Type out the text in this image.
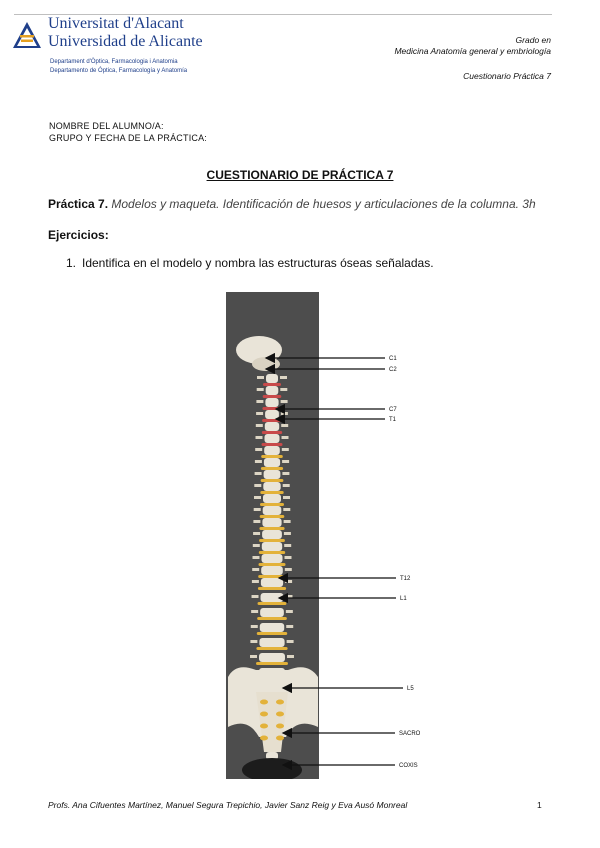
Universitat d'Alacant
Universidad de Alicante
Departament d'Òptica, Farmacologia i Anatomia
Departamento de Óptica, Farmacología y Anatomía
Grado en
Medicina Anatomía general y embriología
Cuestionario Práctica 7
NOMBRE DEL ALUMNO/A:
GRUPO Y FECHA DE LA PRÁCTICA:
CUESTIONARIO DE PRÁCTICA 7
Práctica 7. Modelos y maqueta. Identificación de huesos y articulaciones de la columna. 3h
Ejercicios:
1. Identifica en el modelo y nombra las estructuras óseas señaladas.
C1
C2
C7
T1
T12
L1
L5
SACRO
COXIS
Profs. Ana Cifuentes Martínez, Manuel Segura Trepichio, Javier Sanz Reig y Eva Ausó Monreal	1
